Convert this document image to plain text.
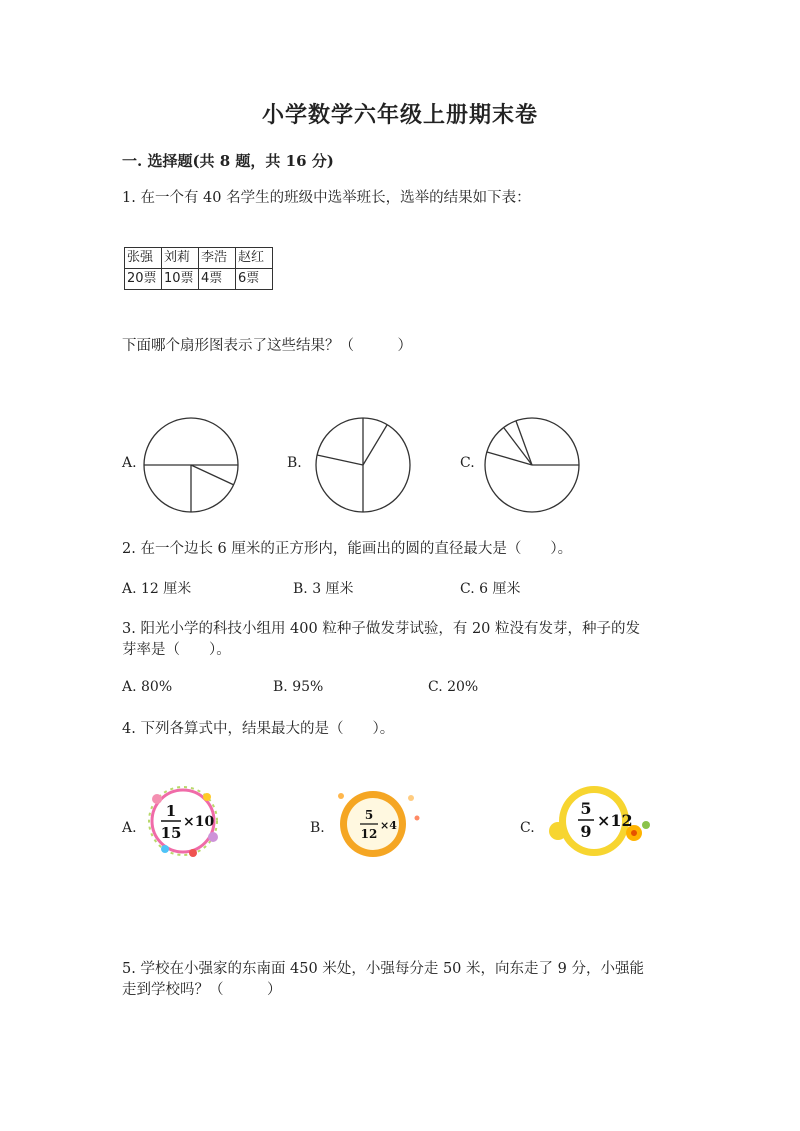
小学数学六年级上册期末卷
一. 选择题(共 8 题，共 16 分)
1. 在一个有 40 名学生的班级中选举班长，选举的结果如下表：
张强	刘莉	李浩	赵红
20票	10票	4票	6票
下面哪个扇形图表示了这些结果？（　　　）
A.	B.	C.
2. 在一个边长 6 厘米的正方形内，能画出的圆的直径最大是（　　）。
A. 12 厘米	B. 3 厘米	C. 6 厘米
3. 阳光小学的科技小组用 400 粒种子做发芽试验，有 20 粒没有发芽，种子的发
芽率是（　　）。
A. 80%	B. 95%	C. 20%
4. 下列各算式中，结果最大的是（　　）。
A.	B.	C.
1
15
×10	5
12
×4
5
9
×12
5. 学校在小强家的东南面 450 米处，小强每分走 50 米，向东走了 9 分，小强能
走到学校吗？（　　　）
